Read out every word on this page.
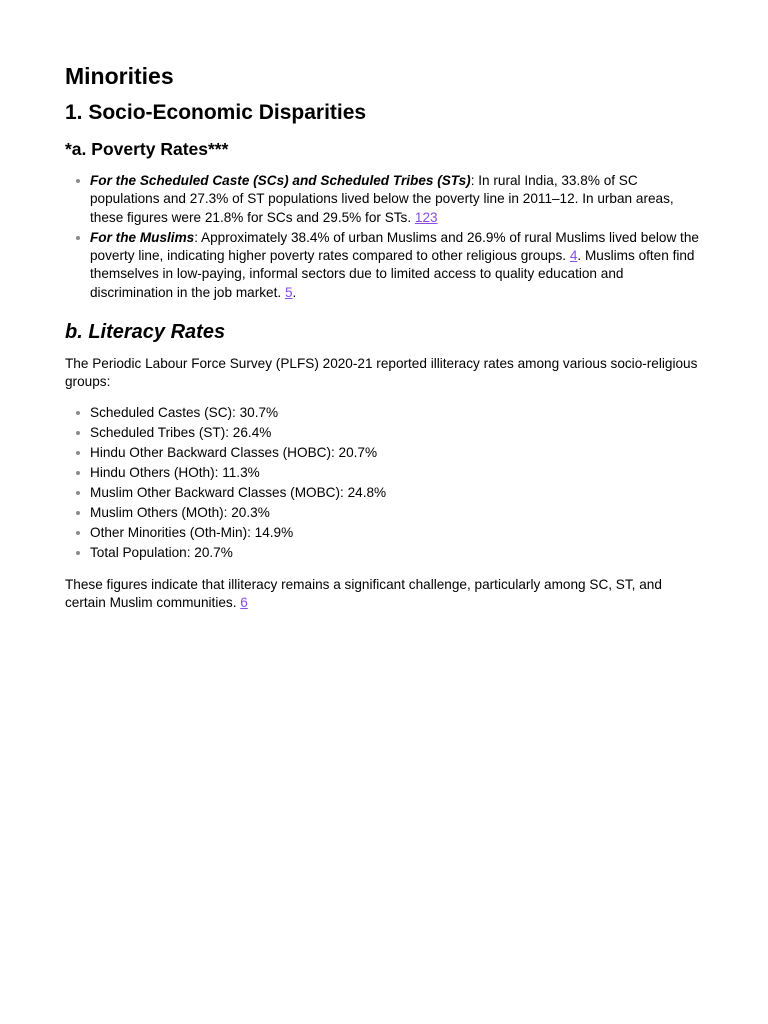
Minorities
1. Socio-Economic Disparities
*a. Poverty Rates***
For the Scheduled Caste (SCs) and Scheduled Tribes (STs): In rural India, 33.8% of SC populations and 27.3% of ST populations lived below the poverty line in 2011–12. In urban areas, these figures were 21.8% for SCs and 29.5% for STs. 123
For the Muslims: Approximately 38.4% of urban Muslims and 26.9% of rural Muslims lived below the poverty line, indicating higher poverty rates compared to other religious groups. 4. Muslims often find themselves in low-paying, informal sectors due to limited access to quality education and discrimination in the job market. 5.
b. Literacy Rates

The Periodic Labour Force Survey (PLFS) 2020-21 reported illiteracy rates among various socio-religious groups:

Scheduled Castes (SC): 30.7%
Scheduled Tribes (ST): 26.4%
Hindu Other Backward Classes (HOBC): 20.7%
Hindu Others (HOth): 11.3%
Muslim Other Backward Classes (MOBC): 24.8%
Muslim Others (MOth): 20.3%
Other Minorities (Oth-Min): 14.9%
Total Population: 20.7%

These figures indicate that illiteracy remains a significant challenge, particularly among SC, ST, and certain Muslim communities. 6
